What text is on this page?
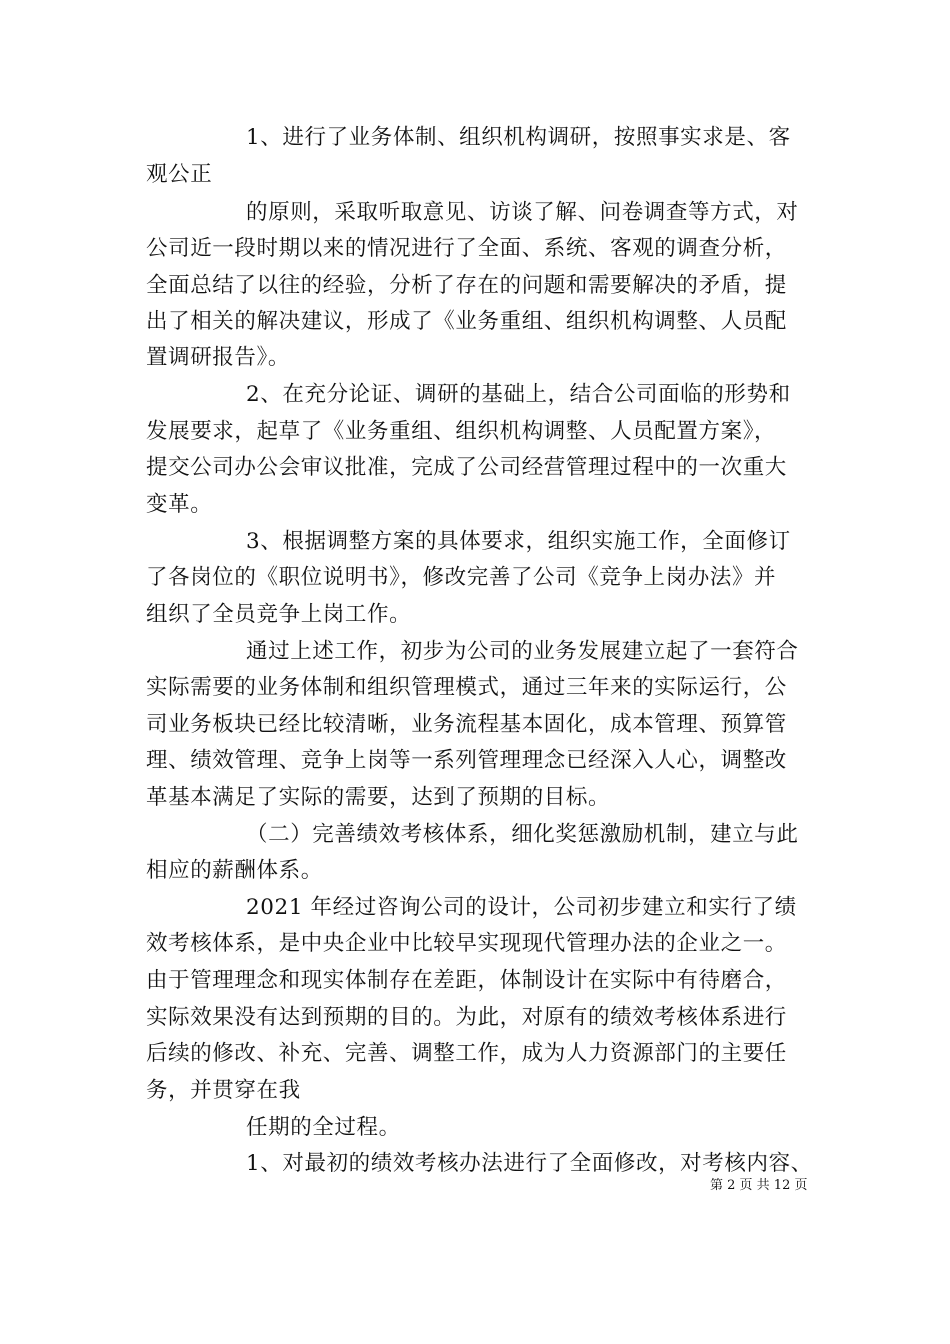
1、进行了业务体制、组织机构调研，按照事实求是、客
观公正
的原则，采取听取意见、访谈了解、问卷调查等方式，对
公司近一段时期以来的情况进行了全面、系统、客观的调查分析，
全面总结了以往的经验，分析了存在的问题和需要解决的矛盾，提
出了相关的解决建议，形成了《业务重组、组织机构调整、人员配
置调研报告》。
2、在充分论证、调研的基础上，结合公司面临的形势和
发展要求，起草了《业务重组、组织机构调整、人员配置方案》，
提交公司办公会审议批准，完成了公司经营管理过程中的一次重大
变革。
3、根据调整方案的具体要求，组织实施工作，全面修订
了各岗位的《职位说明书》，修改完善了公司《竞争上岗办法》并
组织了全员竞争上岗工作。
通过上述工作，初步为公司的业务发展建立起了一套符合
实际需要的业务体制和组织管理模式，通过三年来的实际运行，公
司业务板块已经比较清晰，业务流程基本固化，成本管理、预算管
理、绩效管理、竞争上岗等一系列管理理念已经深入人心，调整改
革基本满足了实际的需要，达到了预期的目标。
（二）完善绩效考核体系，细化奖惩激励机制，建立与此
相应的薪酬体系。
2021 年经过咨询公司的设计，公司初步建立和实行了绩
效考核体系，是中央企业中比较早实现现代管理办法的企业之一。
由于管理理念和现实体制存在差距，体制设计在实际中有待磨合，
实际效果没有达到预期的目的。为此，对原有的绩效考核体系进行
后续的修改、补充、完善、调整工作，成为人力资源部门的主要任
务，并贯穿在我
任期的全过程。
1、对最初的绩效考核办法进行了全面修改，对考核内容、
第 2 页 共 12 页
